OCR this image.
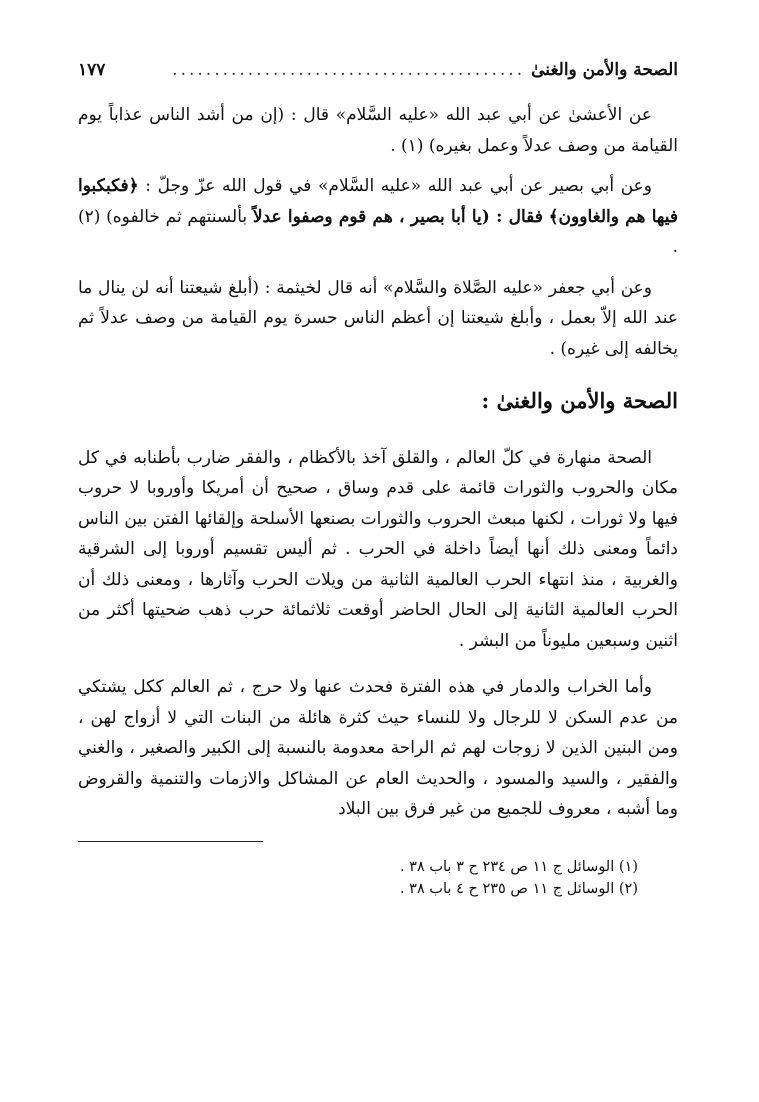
الصحة والأمن والغنىٰ
..........................................
١٧٧

عن الأعشىٰ عن أبي عبد الله «عليه السَّلام» قال : (إن من أشد الناس عذاباً يوم القيامة من وصف عدلاً وعمل بغيره) (١) .

وعن أبي بصير عن أبي عبد الله «عليه السَّلام» في قول الله عزّ وجلّ : ﴿فكبكبوا فيها هم والغاوون﴾ فقال : (يا أبا بصير ، هم قوم وصفوا عدلاً بألسنتهم ثم خالفوه) (٢) .

وعن أبي جعفر «عليه الصَّلاة والسَّلام» أنه قال لخيثمة : (أبلغ شيعتنا أنه لن ينال ما عند الله إلاّ بعمل ، وأبلغ شيعتنا إن أعظم الناس حسرة يوم القيامة من وصف عدلاً ثم يخالفه إلى غيره) .

الصحة والأمن والغنىٰ :

الصحة منهارة في كلّ العالم ، والقلق آخذ بالأكظام ، والفقر ضارب بأطنابه في كل مكان والحروب والثورات قائمة على قدم وساق ، صحيح أن أمريكا وأوروبا لا حروب فيها ولا ثورات ، لكنها مبعث الحروب والثورات بصنعها الأسلحة وإلقائها الفتن بين الناس دائماً ومعنى ذلك أنها أيضاً داخلة في الحرب . ثم أليس تقسيم أوروبا إلى الشرقية والغربية ، منذ انتهاء الحرب العالمية الثانية من ويلات الحرب وآثارها ، ومعنى ذلك أن الحرب العالمية الثانية إلى الحال الحاضر أوقعت ثلاثمائة حرب ذهب ضحيتها أكثر من اثنين وسبعين مليوناً من البشر .

وأما الخراب والدمار في هذه الفترة فحدث عنها ولا حرج ، ثم العالم ككل يشتكي من عدم السكن لا للرجال ولا للنساء حيث كثرة هائلة من البنات التي لا أزواج لهن ، ومن البنين الذين لا زوجات لهم ثم الراحة معدومة بالنسبة إلى الكبير والصغير ، والغني والفقير ، والسيد والمسود ، والحديث العام عن المشاكل والازمات والتنمية والقروض وما أشبه ، معروف للجميع من غير فرق بين البلاد

(١) الوسائل ج ١١ ص ٢٣٤ ح ٣ باب ٣٨ .

(٢) الوسائل ج ١١ ص ٢٣٥ ح ٤ باب ٣٨ .
